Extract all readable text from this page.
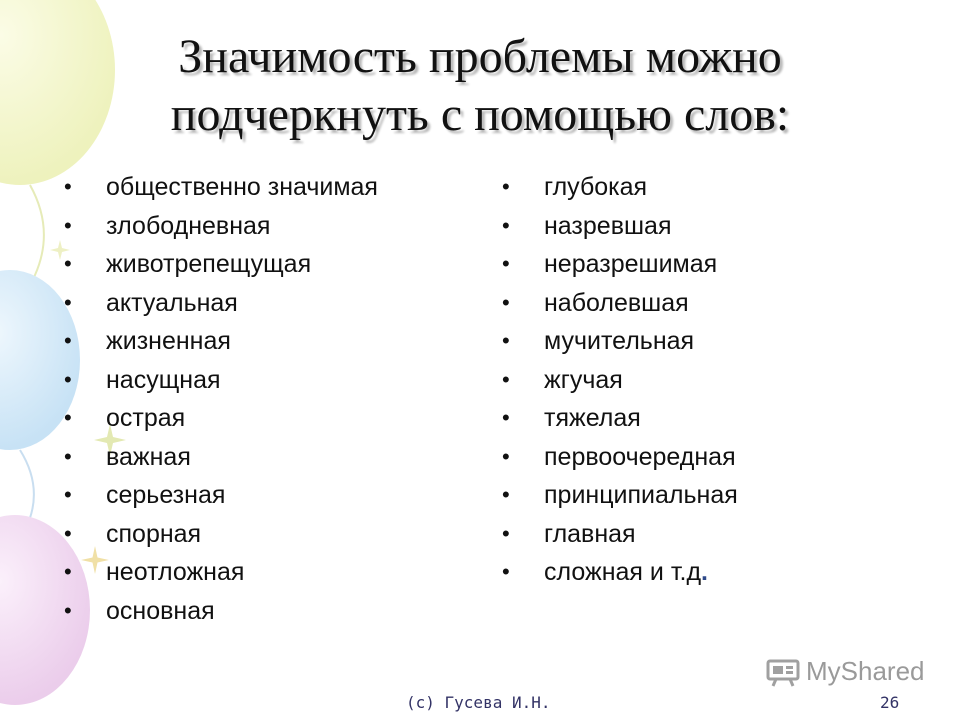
Значимость проблемы можно
подчеркнуть с помощью слов:
• общественно значимая
• злободневная
• животрепещущая
• актуальная
• жизненная
• насущная
• острая
• важная
• серьезная
• спорная
• неотложная
• основная
• глубокая
• назревшая
• неразрешимая
• наболевшая
• мучительная
• жгучая
• тяжелая
• первоочередная
• принципиальная
• главная
• сложная и т.д.
MyShared
(c) Гусева И.Н.	26
